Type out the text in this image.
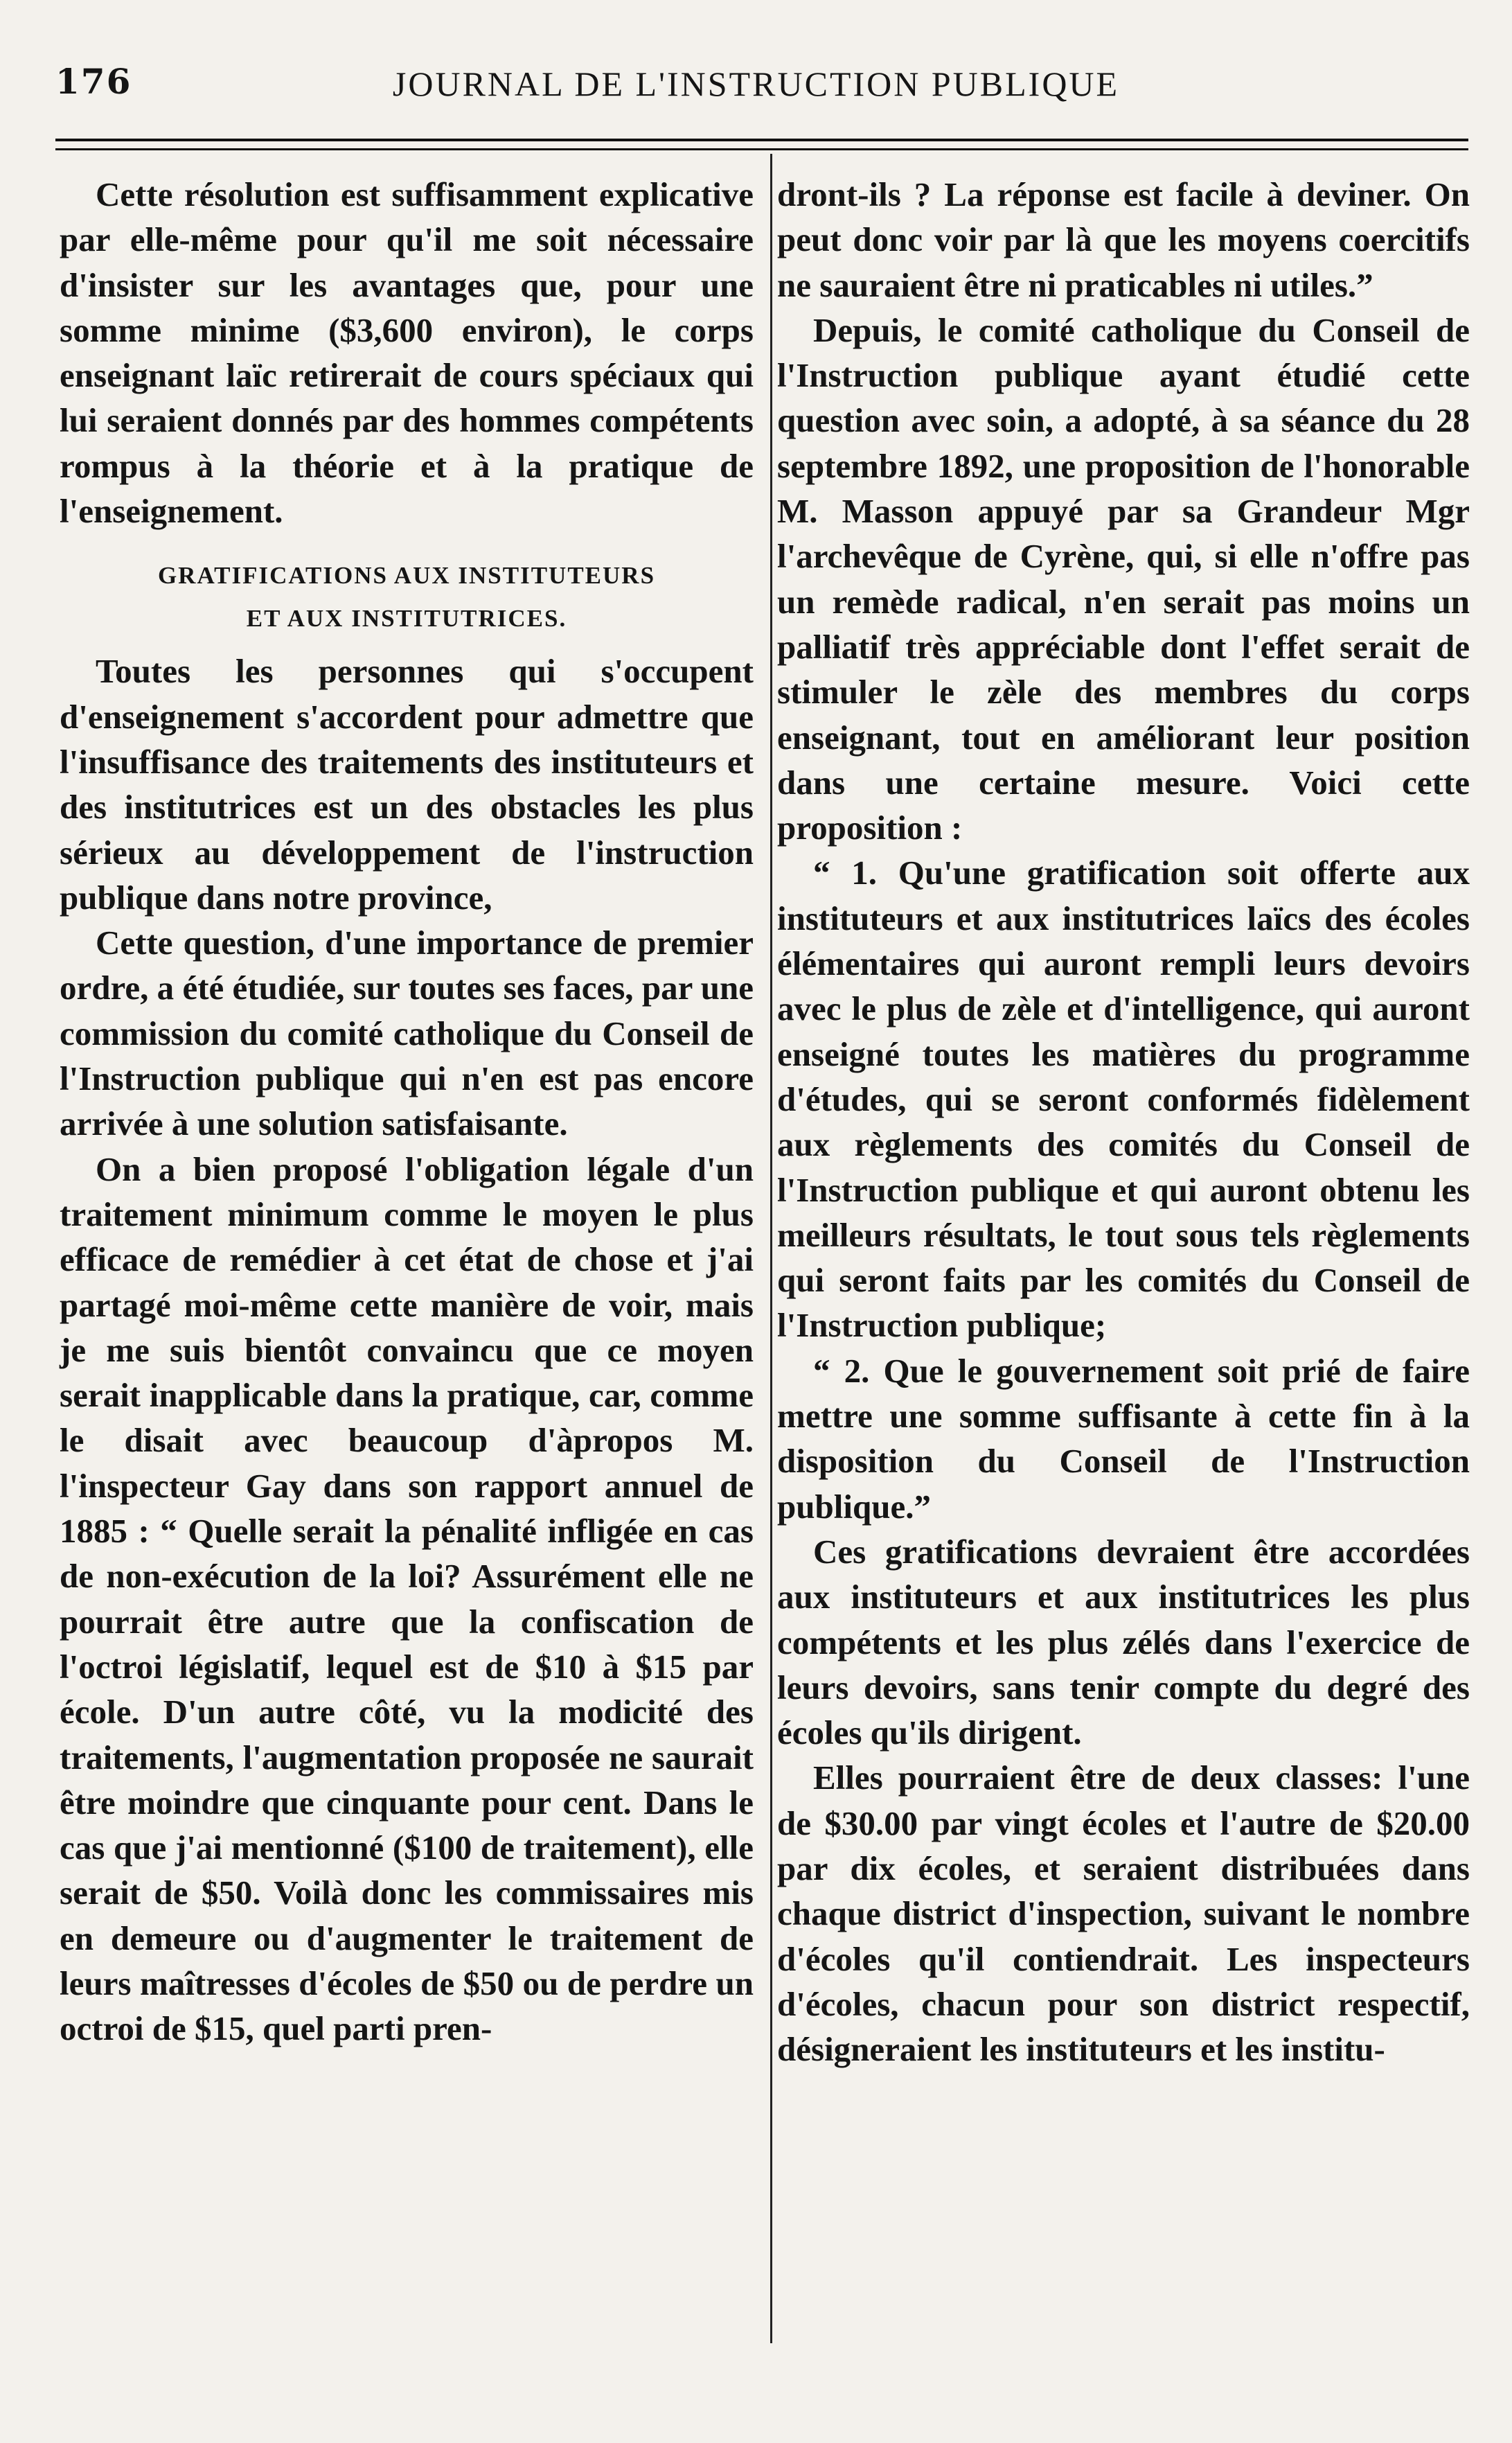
176	JOURNAL DE L'INSTRUCTION PUBLIQUE

Cette résolution est suffisamment explicative par elle-même pour qu'il me soit nécessaire d'insister sur les avantages que, pour une somme minime ($3,600 environ), le corps enseignant laïc retirerait de cours spéciaux qui lui seraient donnés par des hommes compétents rompus à la théorie et à la pratique de l'enseignement.

GRATIFICATIONS AUX INSTITUTEURS
ET AUX INSTITUTRICES.

Toutes les personnes qui s'occupent d'enseignement s'accordent pour admettre que l'insuffisance des traitements des instituteurs et des institutrices est un des obstacles les plus sérieux au développement de l'instruction publique dans notre province,

Cette question, d'une importance de premier ordre, a été étudiée, sur toutes ses faces, par une commission du comité catholique du Conseil de l'Instruction publique qui n'en est pas encore arrivée à une solution satisfaisante.

On a bien proposé l'obligation légale d'un traitement minimum comme le moyen le plus efficace de remédier à cet état de chose et j'ai partagé moi-même cette manière de voir, mais je me suis bientôt convaincu que ce moyen serait inapplicable dans la pratique, car, comme le disait avec beaucoup d'àpropos M. l'inspecteur Gay dans son rapport annuel de 1885 : “ Quelle serait la pénalité infligée en cas de non-exécution de la loi? Assurément elle ne pourrait être autre que la confiscation de l'octroi législatif, lequel est de $10 à $15 par école. D'un autre côté, vu la modicité des traitements, l'augmentation proposée ne saurait être moindre que cinquante pour cent. Dans le cas que j'ai mentionné ($100 de traitement), elle serait de $50. Voilà donc les commissaires mis en demeure ou d'augmenter le traitement de leurs maîtresses d'écoles de $50 ou de perdre un octroi de $15, quel parti pren-

dront-ils ? La réponse est facile à deviner. On peut donc voir par là que les moyens coercitifs ne sauraient être ni praticables ni utiles.”

Depuis, le comité catholique du Conseil de l'Instruction publique ayant étudié cette question avec soin, a adopté, à sa séance du 28 septembre 1892, une proposition de l'honorable M. Masson appuyé par sa Grandeur Mgr l'archevêque de Cyrène, qui, si elle n'offre pas un remède radical, n'en serait pas moins un palliatif très appréciable dont l'effet serait de stimuler le zèle des membres du corps enseignant, tout en améliorant leur position dans une certaine mesure. Voici cette proposition :

“ 1. Qu'une gratification soit offerte aux instituteurs et aux institutrices laïcs des écoles élémentaires qui auront rempli leurs devoirs avec le plus de zèle et d'intelligence, qui auront enseigné toutes les matières du programme d'études, qui se seront conformés fidèlement aux règlements des comités du Conseil de l'Instruction publique et qui auront obtenu les meilleurs résultats, le tout sous tels règlements qui seront faits par les comités du Conseil de l'Instruction publique;

“ 2. Que le gouvernement soit prié de faire mettre une somme suffisante à cette fin à la disposition du Conseil de l'Instruction publique.”

Ces gratifications devraient être accordées aux instituteurs et aux institutrices les plus compétents et les plus zélés dans l'exercice de leurs devoirs, sans tenir compte du degré des écoles qu'ils dirigent.

Elles pourraient être de deux classes: l'une de $30.00 par vingt écoles et l'autre de $20.00 par dix écoles, et seraient distribuées dans chaque district d'inspection, suivant le nombre d'écoles qu'il contiendrait. Les inspecteurs d'écoles, chacun pour son district respectif, désigneraient les instituteurs et les institu-
